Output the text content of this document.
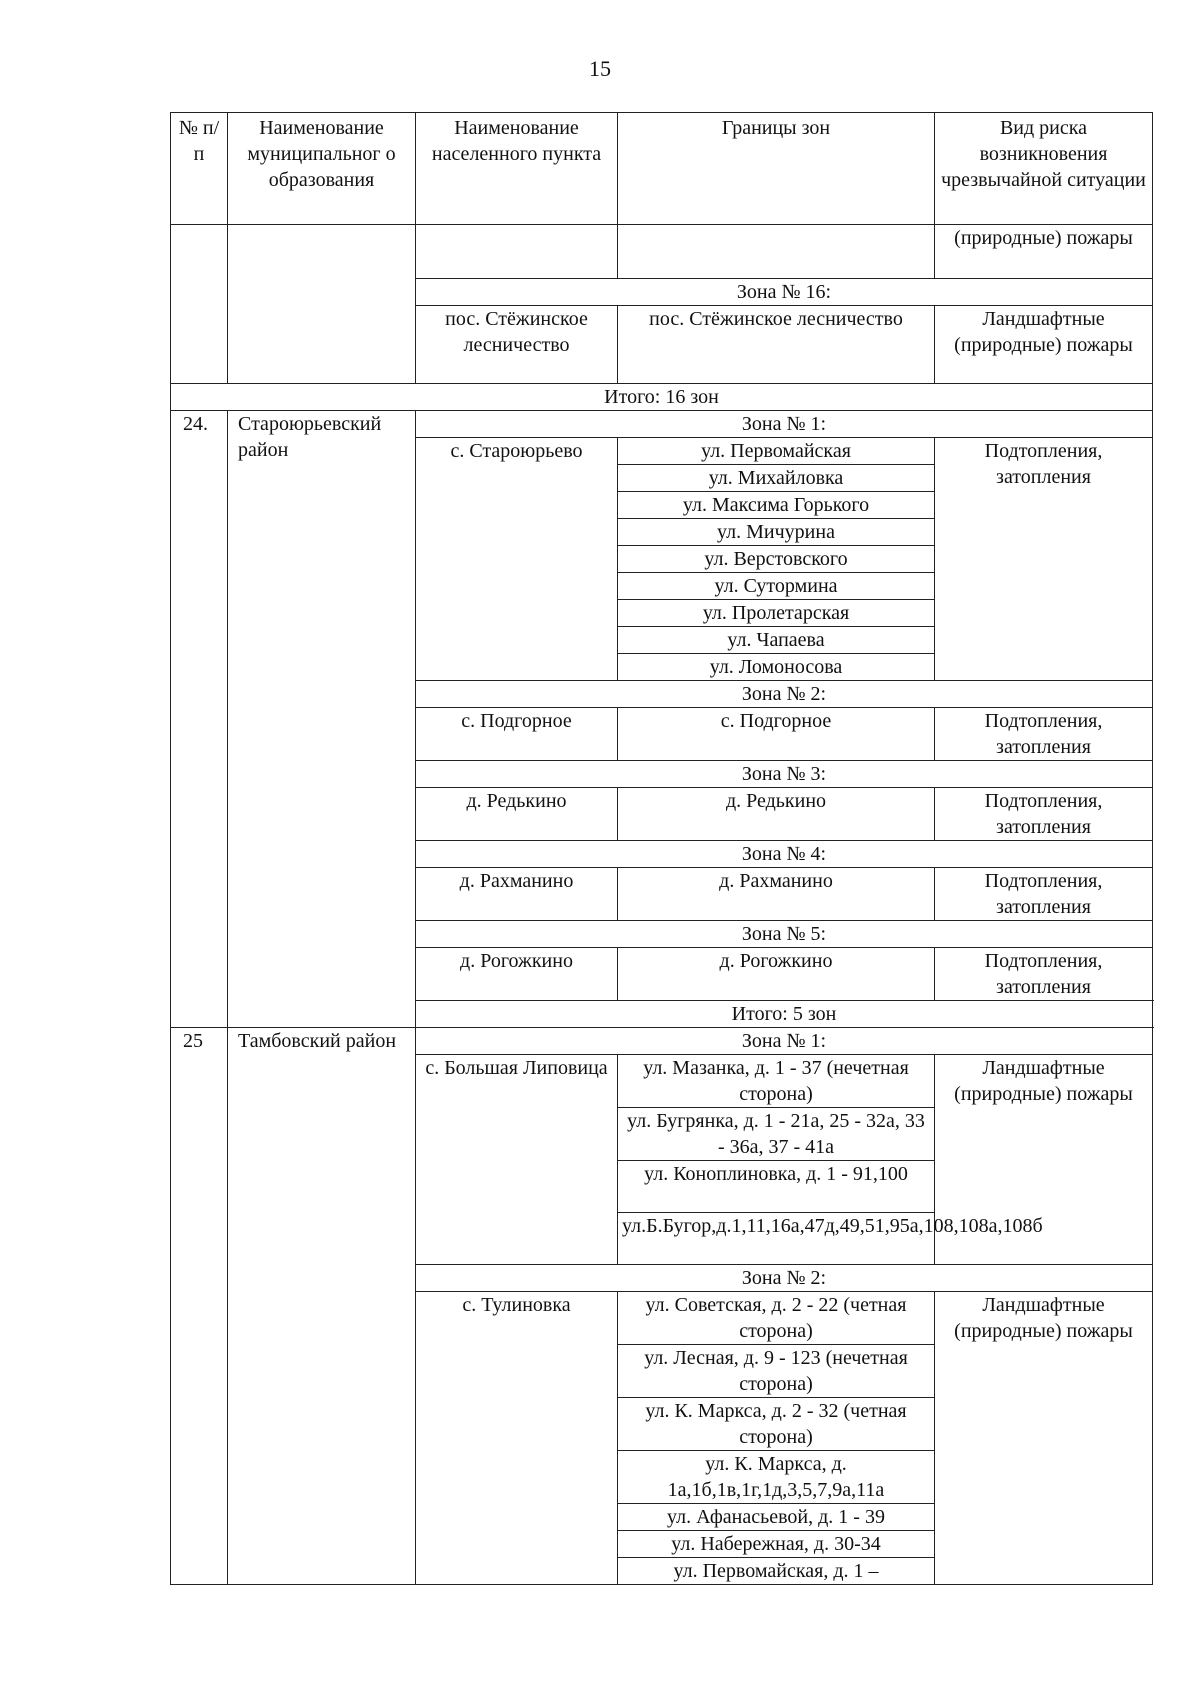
15
№ п/п	Наименование муниципальног о образования	Наименование населенного пункта	Границы зон	Вид риска возникновения чрезвычайной ситуации
				(природные) пожары
		Зона № 16:		
		пос. Стёжинское лесничество	пос. Стёжинское лесничество	Ландшафтные (природные) пожары
Итого: 16 зон				
24.	Староюрьевский район	Зона № 1:		
		с. Староюрьево	ул. Первомайская	Подтопления, затопления
			ул. Михайловка	
			ул. Максима Горького	
			ул. Мичурина	
			ул. Верстовского	
			ул. Сутормина	
			ул. Пролетарская	
			ул. Чапаева	
			ул. Ломоносова	
		Зона № 2:		
		с. Подгорное	с. Подгорное	Подтопления, затопления
		Зона № 3:		
		д. Редькино	д. Редькино	Подтопления, затопления
		Зона № 4:		
		д. Рахманино	д. Рахманино	Подтопления, затопления
		Зона № 5:		
		д. Рогожкино	д. Рогожкино	Подтопления, затопления
		Итого: 5 зон		
25	Тамбовский район	Зона № 1:		
		с. Большая Липовица	ул. Мазанка, д. 1 - 37 (нечетная сторона)	Ландшафтные (природные) пожары
			ул. Бугрянка, д. 1 - 21а, 25 - 32а, 33 - 36а, 37 - 41а	
			ул. Коноплиновка, д. 1 - 91,100	
			ул.Б.Бугор,д.1,11,16а,47д,49,51,95а,108,108а,108б	
		Зона № 2:		
		с. Тулиновка	ул. Советская, д. 2 - 22 (четная сторона)	Ландшафтные (природные) пожары
			ул. Лесная, д. 9 - 123 (нечетная сторона)	
			ул. К. Маркса, д. 2 - 32 (четная сторона)	
			ул. К. Маркса, д. 1а,1б,1в,1г,1д,3,5,7,9а,11а	
			ул. Афанасьевой, д. 1 - 39	
			ул. Набережная, д. 30-34	
			ул. Первомайская, д. 1 –	
